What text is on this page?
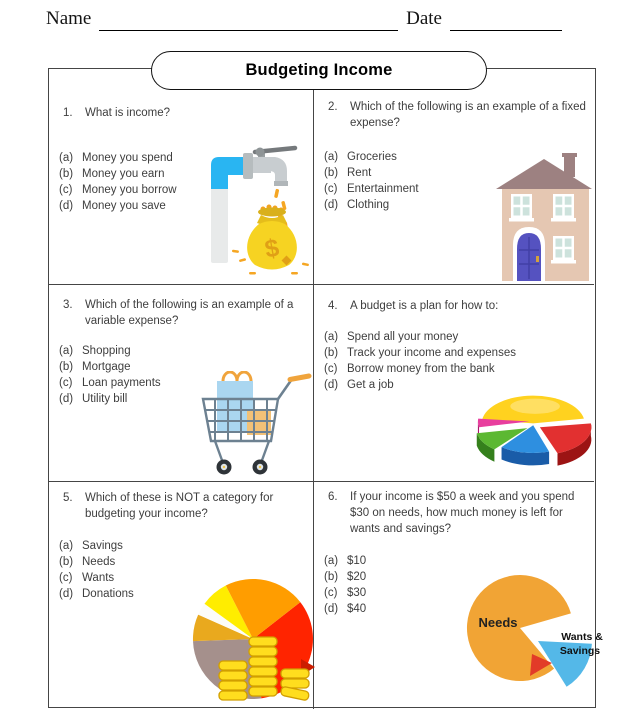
Name	Date
Budgeting Income
1.	What is income?
(a) Money you spend
(b) Money you earn
(c) Money you borrow
(d) Money you save
$
2.	Which of the following is an example of a fixed expense?
(a) Groceries
(b) Rent
(c) Entertainment
(d) Clothing
3.	Which of the following is an example of a variable expense?
(a) Shopping
(b) Mortgage
(c) Loan payments
(d) Utility bill
4.	A budget is a plan for how to:
(a) Spend all your money
(b) Track your income and expenses
(c) Borrow money from the bank
(d) Get a job
5.	Which of these is NOT a category for budgeting your income?
(a) Savings
(b) Needs
(c) Wants
(d) Donations
6.	If your income is $50 a week and you spend $30 on needs, how much money is left for wants and savings?
(a) $10
(b) $20
(c) $30
(d) $40
Needs
Wants &
Savings
